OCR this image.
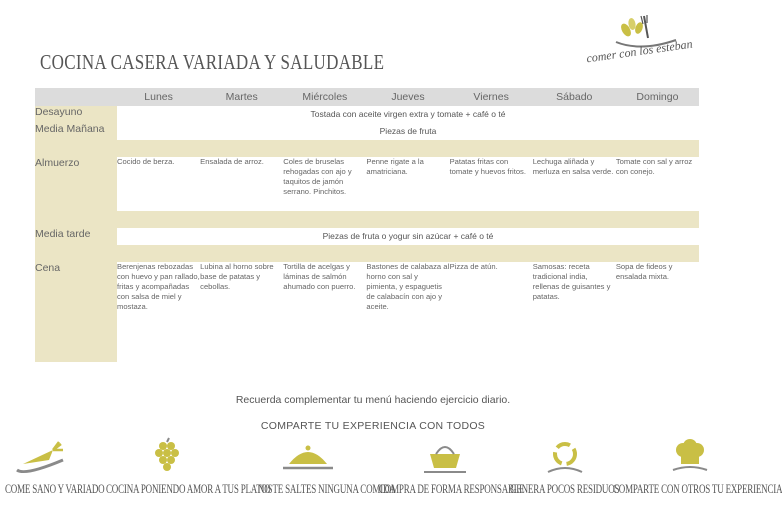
COCINA CASERA VARIADA Y SALUDABLE	comer con los esteban
	Lunes	Martes	Miércoles	Jueves	Viernes	Sábado	Domingo
Desayuno	Tostada con aceite virgen extra y tomate + café o té						
Media Mañana	Piezas de fruta						

Almuerzo	Cocido de berza.	Ensalada de arroz.	Coles de bruselas rehogadas con ajo y taquitos de jamón serrano. Pinchitos.	Penne rigate a la amatriciana.	Patatas fritas con tomate y huevos fritos.	Lechuga aliñada y merluza en salsa verde.	Tomate con sal y arroz con conejo.

Media tarde	Piezas de fruta o yogur sin azúcar + café o té						

Cena	Berenjenas rebozadas con huevo y pan rallado, fritas y acompañadas con salsa de miel y mostaza.	Lubina al horno sobre base de patatas y cebollas.	Tortilla de acelgas y láminas de salmón ahumado con puerro.	Bastones de calabaza al horno con sal y pimienta, y espaguetis de calabacín con ajo y aceite.	Pizza de atún.	Samosas: receta tradicional india, rellenas de guisantes y patatas.	Sopa de fideos y ensalada mixta.

Recuerda complementar tu menú haciendo ejercicio diario.
COMPARTE TU EXPERIENCIA CON TODOS
COME SANO Y VARIADO COCINA PONIENDO AMOR A TUS PLATOS
NO TE SALTES NINGUNA COMIDA
COMPRA DE FORMA RESPONSABLE
GENERA POCOS RESIDUOS
COMPARTE CON OTROS TU EXPERIENCIA
